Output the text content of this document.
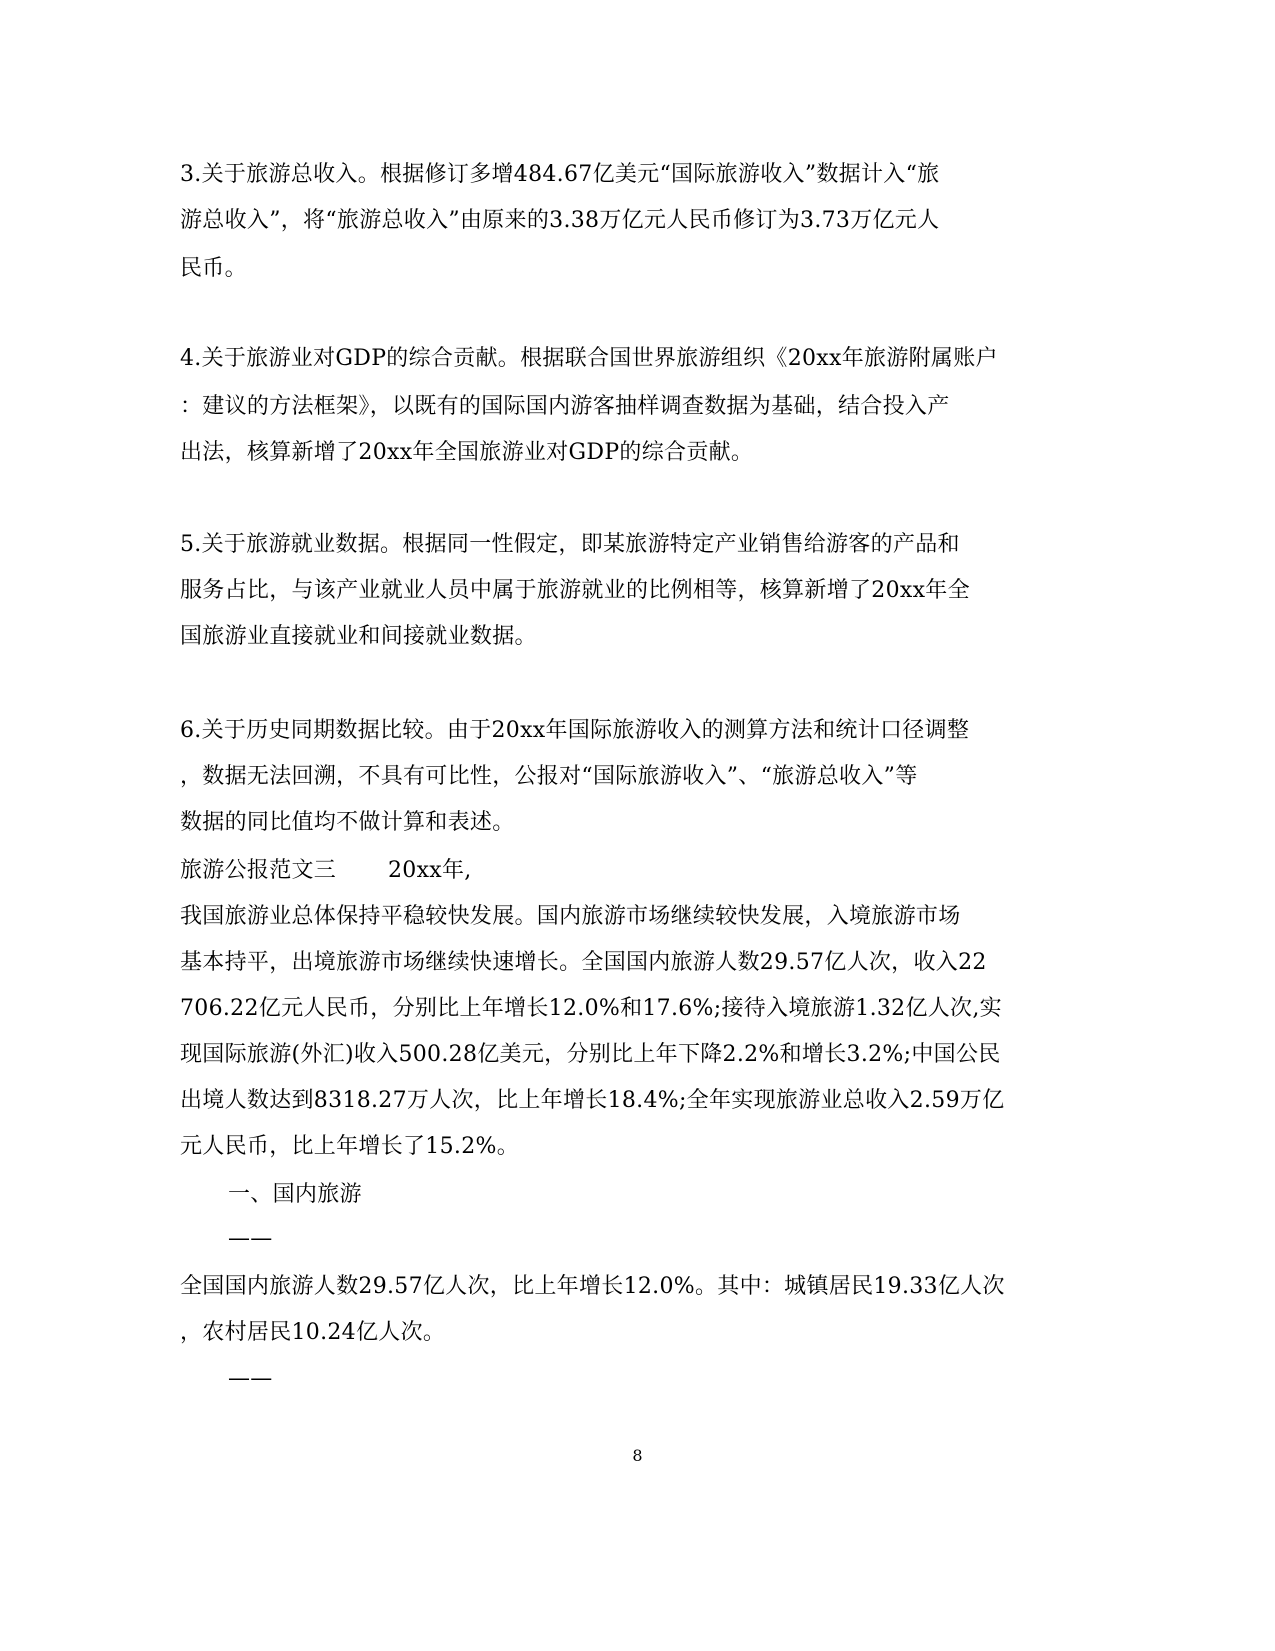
3.关于旅游总收入。根据修订多增484.67亿美元“国际旅游收入”数据计入“旅
游总收入”，将“旅游总收入”由原来的3.38万亿元人民币修订为3.73万亿元人
民币。
4.关于旅游业对GDP的综合贡献。根据联合国世界旅游组织《20xx年旅游附属账户
：建议的方法框架》，以既有的国际国内游客抽样调查数据为基础，结合投入产
出法，核算新增了20xx年全国旅游业对GDP的综合贡献。
5.关于旅游就业数据。根据同一性假定，即某旅游特定产业销售给游客的产品和
服务占比，与该产业就业人员中属于旅游就业的比例相等，核算新增了20xx年全
国旅游业直接就业和间接就业数据。
6.关于历史同期数据比较。由于20xx年国际旅游收入的测算方法和统计口径调整
，数据无法回溯，不具有可比性，公报对“国际旅游收入”、“旅游总收入”等
数据的同比值均不做计算和表述。
旅游公报范文三 　　20xx年,
我国旅游业总体保持平稳较快发展。国内旅游市场继续较快发展，入境旅游市场
基本持平，出境旅游市场继续快速增长。全国国内旅游人数29.57亿人次，收入22
706.22亿元人民币，分别比上年增长12.0%和17.6%;接待入境旅游1.32亿人次,实
现国际旅游(外汇)收入500.28亿美元，分别比上年下降2.2%和增长3.2%;中国公民
出境人数达到8318.27万人次，比上年增长18.4%;全年实现旅游业总收入2.59万亿
元人民币，比上年增长了15.2%。
一、国内旅游
——
全国国内旅游人数29.57亿人次，比上年增长12.0%。其中：城镇居民19.33亿人次
，农村居民10.24亿人次。
——
8
